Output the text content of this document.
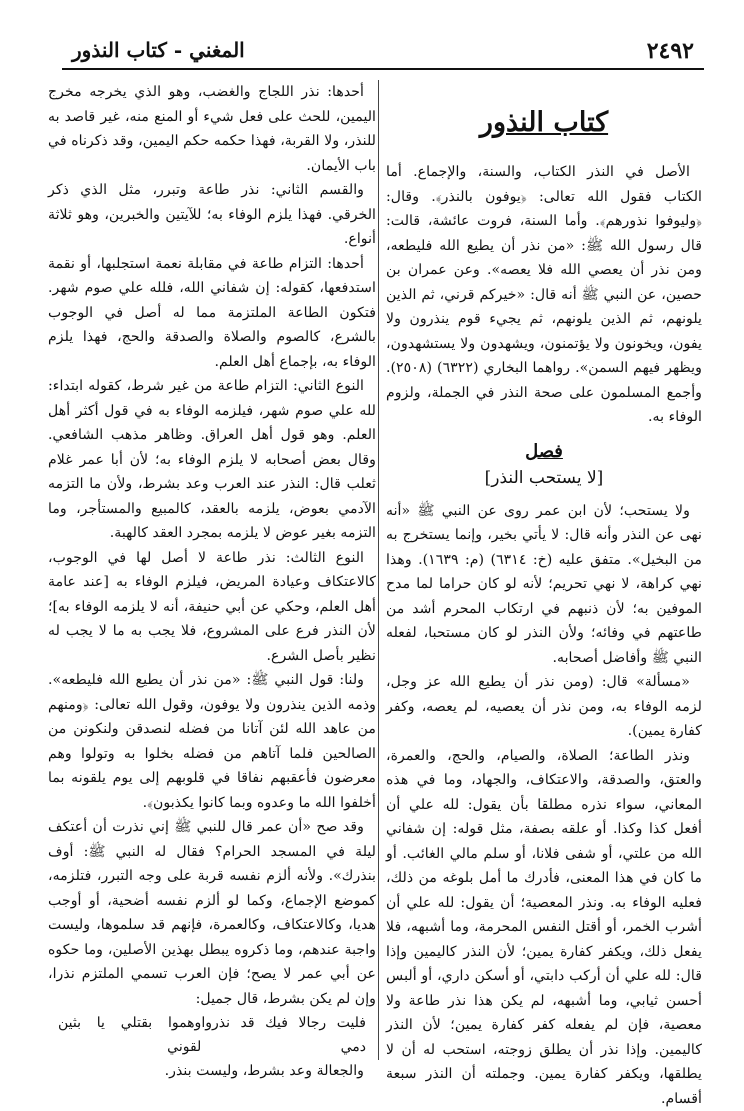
٢٤٩٢
المغني - كتاب النذور
كتاب النذور

الأصل في النذر الكتاب، والسنة، والإجماع. أما الكتاب فقول الله تعالى: ﴿يوفون بالنذر﴾. وقال: ﴿وليوفوا نذورهم﴾. وأما السنة، فروت عائشة، قالت: قال رسول الله ﷺ: «من نذر أن يطيع الله فليطعه، ومن نذر أن يعصي الله فلا يعصه». وعن عمران بن حصين، عن النبي ﷺ أنه قال: «خيركم قرني، ثم الذين يلونهم، ثم الذين يلونهم، ثم يجيء قوم ينذرون ولا يفون، ويخونون ولا يؤتمنون، ويشهدون ولا يستشهدون، ويظهر فيهم السمن». رواهما البخاري (٦٣٢٢) (٢٥٠٨). وأجمع المسلمون على صحة النذر في الجملة، ولزوم الوفاء به.

فصل
[لا يستحب النذر]

ولا يستحب؛ لأن ابن عمر روى عن النبي ﷺ «أنه نهى عن النذر وأنه قال: لا يأتي بخير، وإنما يستخرج به من البخيل». متفق عليه (خ: ٦٣١٤) (م: ١٦٣٩). وهذا نهي كراهة، لا نهي تحريم؛ لأنه لو كان حراما لما مدح الموفين به؛ لأن ذنبهم في ارتكاب المحرم أشد من طاعتهم في وفائه؛ ولأن النذر لو كان مستحبا، لفعله النبي ﷺ وأفاضل أصحابه.

«مسألة» قال: (ومن نذر أن يطيع الله عز وجل، لزمه الوفاء به، ومن نذر أن يعصيه، لم يعصه، وكفر كفارة يمين).

ونذر الطاعة؛ الصلاة، والصيام، والحج، والعمرة، والعتق، والصدقة، والاعتكاف، والجهاد، وما في هذه المعاني، سواء نذره مطلقا بأن يقول: لله علي أن أفعل كذا وكذا. أو علقه بصفة، مثل قوله: إن شفاني الله من علتي، أو شفى فلانا، أو سلم مالي الغائب. أو ما كان في هذا المعنى، فأدرك ما أمل بلوغه من ذلك، فعليه الوفاء به. ونذر المعصية؛ أن يقول: لله علي أن أشرب الخمر، أو أقتل النفس المحرمة، وما أشبهه، فلا يفعل ذلك، ويكفر كفارة يمين؛ لأن النذر كاليمين وإذا قال: لله علي أن أركب دابتي، أو أسكن داري، أو ألبس أحسن ثيابي، وما أشبهه، لم يكن هذا نذر طاعة ولا معصية، فإن لم يفعله كفر كفارة يمين؛ لأن النذر كاليمين. وإذا نذر أن يطلق زوجته، استحب له أن لا يطلقها، ويكفر كفارة يمين. وجملته أن النذر سبعة أقسام.

أحدها: نذر اللجاج والغضب، وهو الذي يخرجه مخرج اليمين، للحث على فعل شيء أو المنع منه، غير قاصد به للنذر، ولا القربة، فهذا حكمه حكم اليمين، وقد ذكرناه في باب الأيمان.

والقسم الثاني: نذر طاعة وتبرر، مثل الذي ذكر الخرقي. فهذا يلزم الوفاء به؛ للآيتين والخبرين، وهو ثلاثة أنواع.

أحدها: التزام طاعة في مقابلة نعمة استجلبها، أو نقمة استدفعها، كقوله: إن شفاني الله، فلله علي صوم شهر. فتكون الطاعة الملتزمة مما له أصل في الوجوب بالشرع، كالصوم والصلاة والصدقة والحج، فهذا يلزم الوفاء به، بإجماع أهل العلم.

النوع الثاني: التزام طاعة من غير شرط، كقوله ابتداء: لله علي صوم شهر، فيلزمه الوفاء به في قول أكثر أهل العلم. وهو قول أهل العراق. وظاهر مذهب الشافعي. وقال بعض أصحابه لا يلزم الوفاء به؛ لأن أبا عمر غلام ثعلب قال: النذر عند العرب وعد بشرط، ولأن ما التزمه الآدمي بعوض، يلزمه بالعقد، كالمبيع والمستأجر، وما التزمه بغير عوض لا يلزمه بمجرد العقد كالهبة.

النوع الثالث: نذر طاعة لا أصل لها في الوجوب، كالاعتكاف وعيادة المريض، فيلزم الوفاء به [عند عامة أهل العلم، وحكي عن أبي حنيفة، أنه لا يلزمه الوفاء به]؛ لأن النذر فرع على المشروع، فلا يجب به ما لا يجب له نظير بأصل الشرع.

ولنا: قول النبي ﷺ: «من نذر أن يطيع الله فليطعه». وذمه الذين ينذرون ولا يوفون، وقول الله تعالى: ﴿ومنهم من عاهد الله لئن آتانا من فضله لنصدقن ولنكونن من الصالحين فلما آتاهم من فضله بخلوا به وتولوا وهم معرضون فأعقبهم نفاقا في قلوبهم إلى يوم يلقونه بما أخلفوا الله ما وعدوه وبما كانوا يكذبون﴾.

وقد صح «أن عمر قال للنبي ﷺ إني نذرت أن أعتكف ليلة في المسجد الحرام؟ فقال له النبي ﷺ: أوف بنذرك». ولأنه ألزم نفسه قربة على وجه التبرر، فتلزمه، كموضع الإجماع، وكما لو ألزم نفسه أضحية، أو أوجب هديا، وكالاعتكاف، وكالعمرة، فإنهم قد سلموها، وليست واجبة عندهم، وما ذكروه يبطل بهذين الأصلين، وما حكوه عن أبي عمر لا يصح؛ فإن العرب تسمي الملتزم نذرا، وإن لم يكن بشرط، قال جميل:

فليت رجالا فيك قد نذروا دمي
وهموا بقتلي يا بثين لقوني

والجعالة وعد بشرط، وليست بنذر.
